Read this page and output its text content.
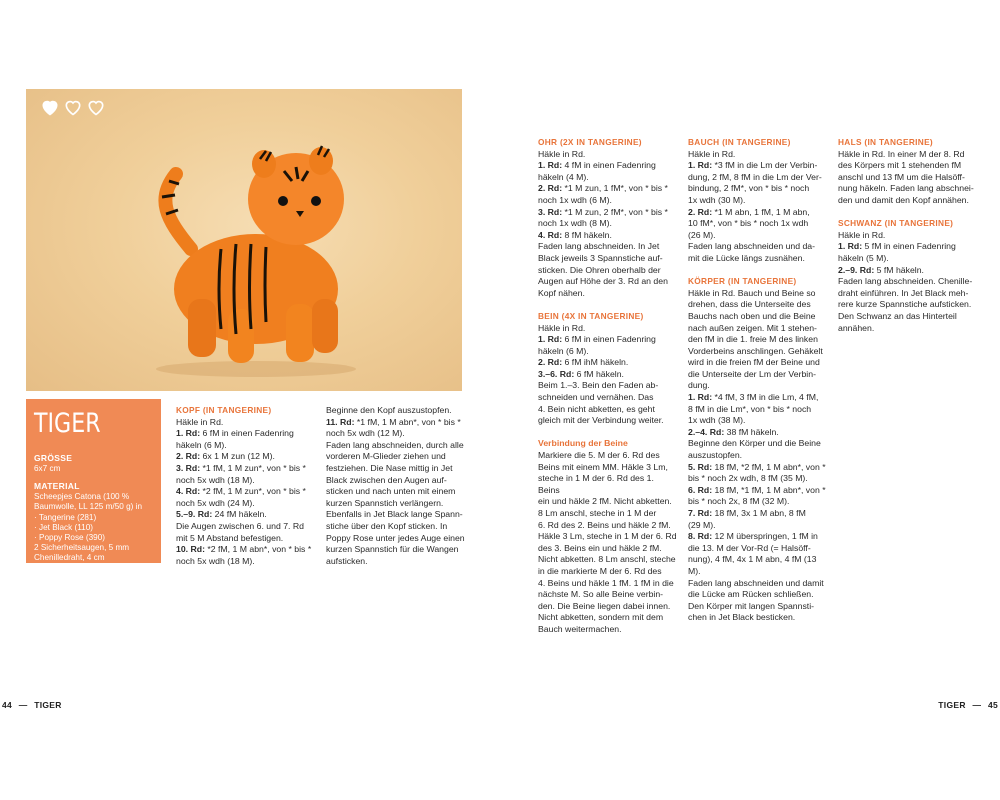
TIGER
GRÖSSE
6x7 cm
MATERIAL
Scheepjes Catona (100 %
Baumwolle, LL 125 m/50 g) in
· Tangerine (281)
· Jet Black (110)
· Poppy Rose (390)
2 Sicherheitsaugen, 5 mm
Chenilledraht, 4 cm

KOPF (IN TANGERINE)

Häkle in Rd.

1. Rd: 6 fM in einen Fadenring

häkeln (6 M).

2. Rd: 6x 1 M zun (12 M).

3. Rd: *1 fM, 1 M zun*, von * bis *

noch 5x wdh (18 M).

4. Rd: *2 fM, 1 M zun*, von * bis *

noch 5x wdh (24 M).

5.–9. Rd: 24 fM häkeln.

Die Augen zwischen 6. und 7. Rd

mit 5 M Abstand befestigen.

10. Rd: *2 fM, 1 M abn*, von * bis *

noch 5x wdh (18 M).

Beginne den Kopf auszustopfen.

11. Rd: *1 fM, 1 M abn*, von * bis *

noch 5x wdh (12 M).

Faden lang abschneiden, durch alle

vorderen M-Glieder ziehen und

festziehen. Die Nase mittig in Jet

Black zwischen den Augen auf-

sticken und nach unten mit einem

kurzen Spannstich verlängern.

Ebenfalls in Jet Black lange Spann-

stiche über den Kopf sticken. In

Poppy Rose unter jedes Auge einen

kurzen Spannstich für die Wangen

aufsticken.

OHR (2X IN TANGERINE)

Häkle in Rd.

1. Rd: 4 fM in einen Fadenring

häkeln (4 M).

2. Rd: *1 M zun, 1 fM*, von * bis *

noch 1x wdh (6 M).

3. Rd: *1 M zun, 2 fM*, von * bis *

noch 1x wdh (8 M).

4. Rd: 8 fM häkeln.

Faden lang abschneiden. In Jet

Black jeweils 3 Spannstiche auf-

sticken. Die Ohren oberhalb der

Augen auf Höhe der 3. Rd an den

Kopf nähen.

BEIN (4X IN TANGERINE)

Häkle in Rd.

1. Rd: 6 fM in einen Fadenring

häkeln (6 M).

2. Rd: 6 fM ihM häkeln.

3.–6. Rd: 6 fM häkeln.

Beim 1.–3. Bein den Faden ab-

schneiden und vernähen. Das

4. Bein nicht abketten, es geht

gleich mit der Verbindung weiter.

Verbindung der Beine

Markiere die 5. M der 6. Rd des

Beins mit einem MM. Häkle 3 Lm,

steche in 1 M der 6. Rd des 1. Beins

ein und häkle 2 fM. Nicht abketten.

8 Lm anschl, steche in 1 M der

6. Rd des 2. Beins und häkle 2 fM.

Häkle 3 Lm, steche in 1 M der 6. Rd

des 3. Beins ein und häkle 2 fM.

Nicht abketten. 8 Lm anschl, steche

in die markierte M der 6. Rd des

4. Beins und häkle 1 fM. 1 fM in die

nächste M. So alle Beine verbin-

den. Die Beine liegen dabei innen.

Nicht abketten, sondern mit dem

Bauch weitermachen.

BAUCH (IN TANGERINE)

Häkle in Rd.

1. Rd: *3 fM in die Lm der Verbin-

dung, 2 fM, 8 fM in die Lm der Ver-

bindung, 2 fM*, von * bis * noch

1x wdh (30 M).

2. Rd: *1 M abn, 1 fM, 1 M abn,

10 fM*, von * bis * noch 1x wdh

(26 M).

Faden lang abschneiden und da-

mit die Lücke längs zusnähen.

KÖRPER (IN TANGERINE)

Häkle in Rd. Bauch und Beine so

drehen, dass die Unterseite des

Bauchs nach oben und die Beine

nach außen zeigen. Mit 1 stehen-

den fM in die 1. freie M des linken

Vorderbeins anschlingen. Gehäkelt

wird in die freien fM der Beine und

die Unterseite der Lm der Verbin-

dung.

1. Rd: *4 fM, 3 fM in die Lm, 4 fM,

8 fM in die Lm*, von * bis * noch

1x wdh (38 M).

2.–4. Rd: 38 fM häkeln.

Beginne den Körper und die Beine

auszustopfen.

5. Rd: 18 fM, *2 fM, 1 M abn*, von *

bis * noch 2x wdh, 8 fM (35 M).

6. Rd: 18 fM, *1 fM, 1 M abn*, von *

bis * noch 2x, 8 fM (32 M).

7. Rd: 18 fM, 3x 1 M abn, 8 fM

(29 M).

8. Rd: 12 M überspringen, 1 fM in

die 13. M der Vor-Rd (= Halsöff-

nung), 4 fM, 4x 1 M abn, 4 fM (13 M).

Faden lang abschneiden und damit

die Lücke am Rücken schließen.

Den Körper mit langen Spannsti-

chen in Jet Black besticken.

HALS (IN TANGERINE)

Häkle in Rd. In einer M der 8. Rd

des Körpers mit 1 stehenden fM

anschl und 13 fM um die Halsöff-

nung häkeln. Faden lang abschnei-

den und damit den Kopf annähen.

SCHWANZ (IN TANGERINE)

Häkle in Rd.

1. Rd: 5 fM in einen Fadenring

häkeln (5 M).

2.–9. Rd: 5 fM häkeln.

Faden lang abschneiden. Chenille-

draht einführen. In Jet Black meh-

rere kurze Spannstiche aufsticken.

Den Schwanz an das Hinterteil

annähen.

44 — TIGER	TIGER — 45
